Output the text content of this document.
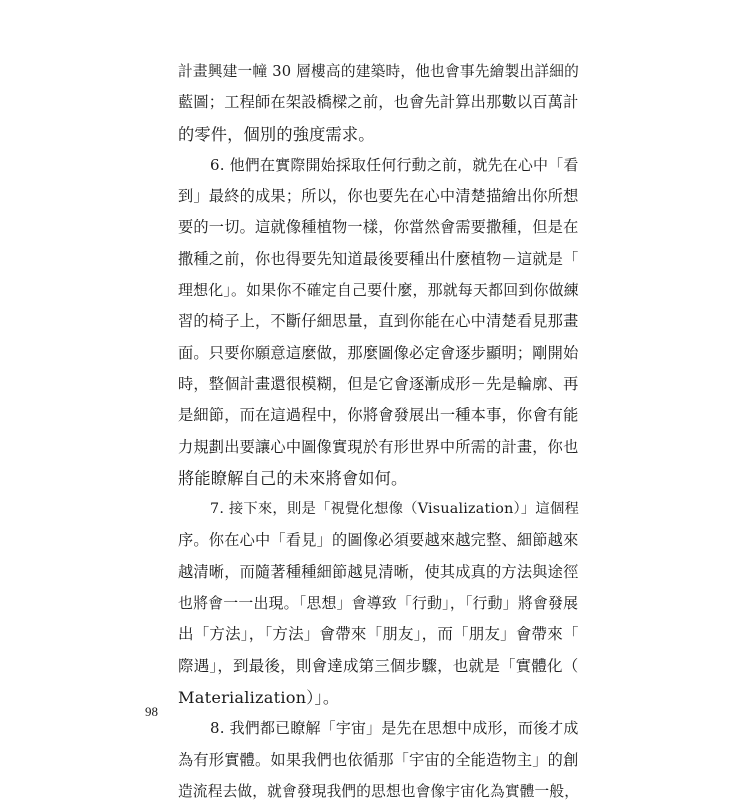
計畫興建一幢 30 層樓高的建築時，他也會事先繪製出詳細的
藍圖；工程師在架設橋樑之前，也會先計算出那數以百萬計
的零件，個別的強度需求。
6. 他們在實際開始採取任何行動之前，就先在心中「看
到」最終的成果；所以，你也要先在心中清楚描繪出你所想
要的一切。這就像種植物一樣，你當然會需要撒種，但是在
撒種之前，你也得要先知道最後要種出什麼植物－這就是「
理想化」。如果你不確定自己要什麼，那就每天都回到你做練
習的椅子上，不斷仔細思量，直到你能在心中清楚看見那畫
面。只要你願意這麼做，那麼圖像必定會逐步顯明；剛開始
時，整個計畫還很模糊，但是它會逐漸成形－先是輪廓、再
是細節，而在這過程中，你將會發展出一種本事，你會有能
力規劃出要讓心中圖像實現於有形世界中所需的計畫，你也
將能瞭解自己的未來將會如何。
7. 接下來，則是「視覺化想像（Visualization）」這個程
序。你在心中「看見」的圖像必須要越來越完整、細節越來
越清晰，而隨著種種細節越見清晰，使其成真的方法與途徑
也將會一一出現。「思想」會導致「行動」，「行動」將會發展
出「方法」，「方法」會帶來「朋友」，而「朋友」會帶來「
際遇」，到最後，則會達成第三個步驟，也就是「實體化（
Materialization）」。
8. 我們都已瞭解「宇宙」是先在思想中成形，而後才成
為有形實體。如果我們也依循那「宇宙的全能造物主」的創
造流程去做，就會發現我們的思想也會像宇宙化為實體一般，
98
